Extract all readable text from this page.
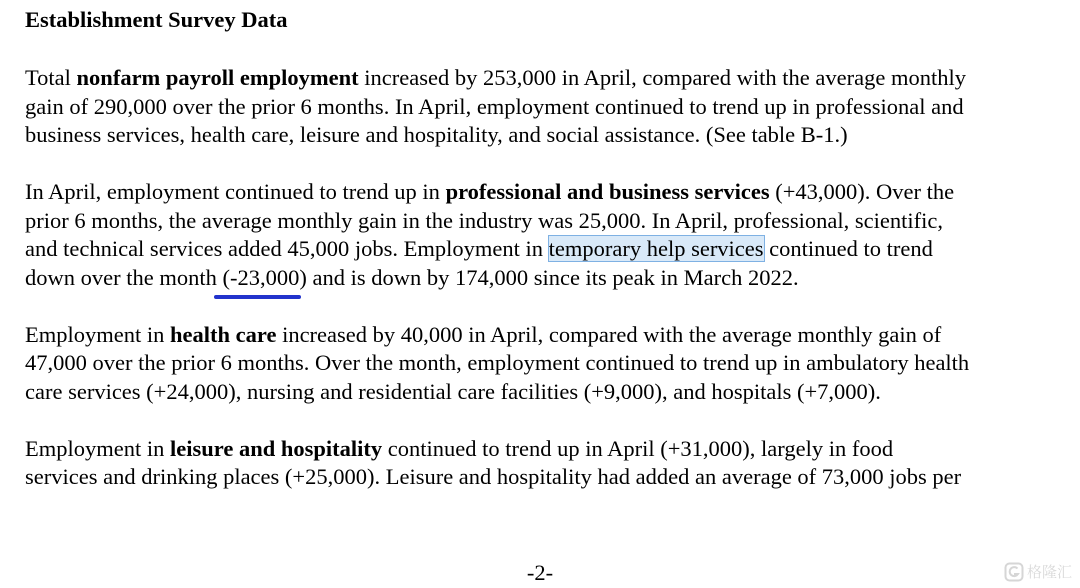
Establishment Survey Data
Total nonfarm payroll employment increased by 253,000 in April, compared with the average monthly
gain of 290,000 over the prior 6 months. In April, employment continued to trend up in professional and
business services, health care, leisure and hospitality, and social assistance. (See table B-1.)
In April, employment continued to trend up in professional and business services (+43,000). Over the
prior 6 months, the average monthly gain in the industry was 25,000. In April, professional, scientific,
and technical services added 45,000 jobs. Employment in temporary help services continued to trend
down over the month (-23,000) and is down by 174,000 since its peak in March 2022.
Employment in health care increased by 40,000 in April, compared with the average monthly gain of
47,000 over the prior 6 months. Over the month, employment continued to trend up in ambulatory health
care services (+24,000), nursing and residential care facilities (+9,000), and hospitals (+7,000).
Employment in leisure and hospitality continued to trend up in April (+31,000), largely in food
services and drinking places (+25,000). Leisure and hospitality had added an average of 73,000 jobs per
-2-	格隆汇
